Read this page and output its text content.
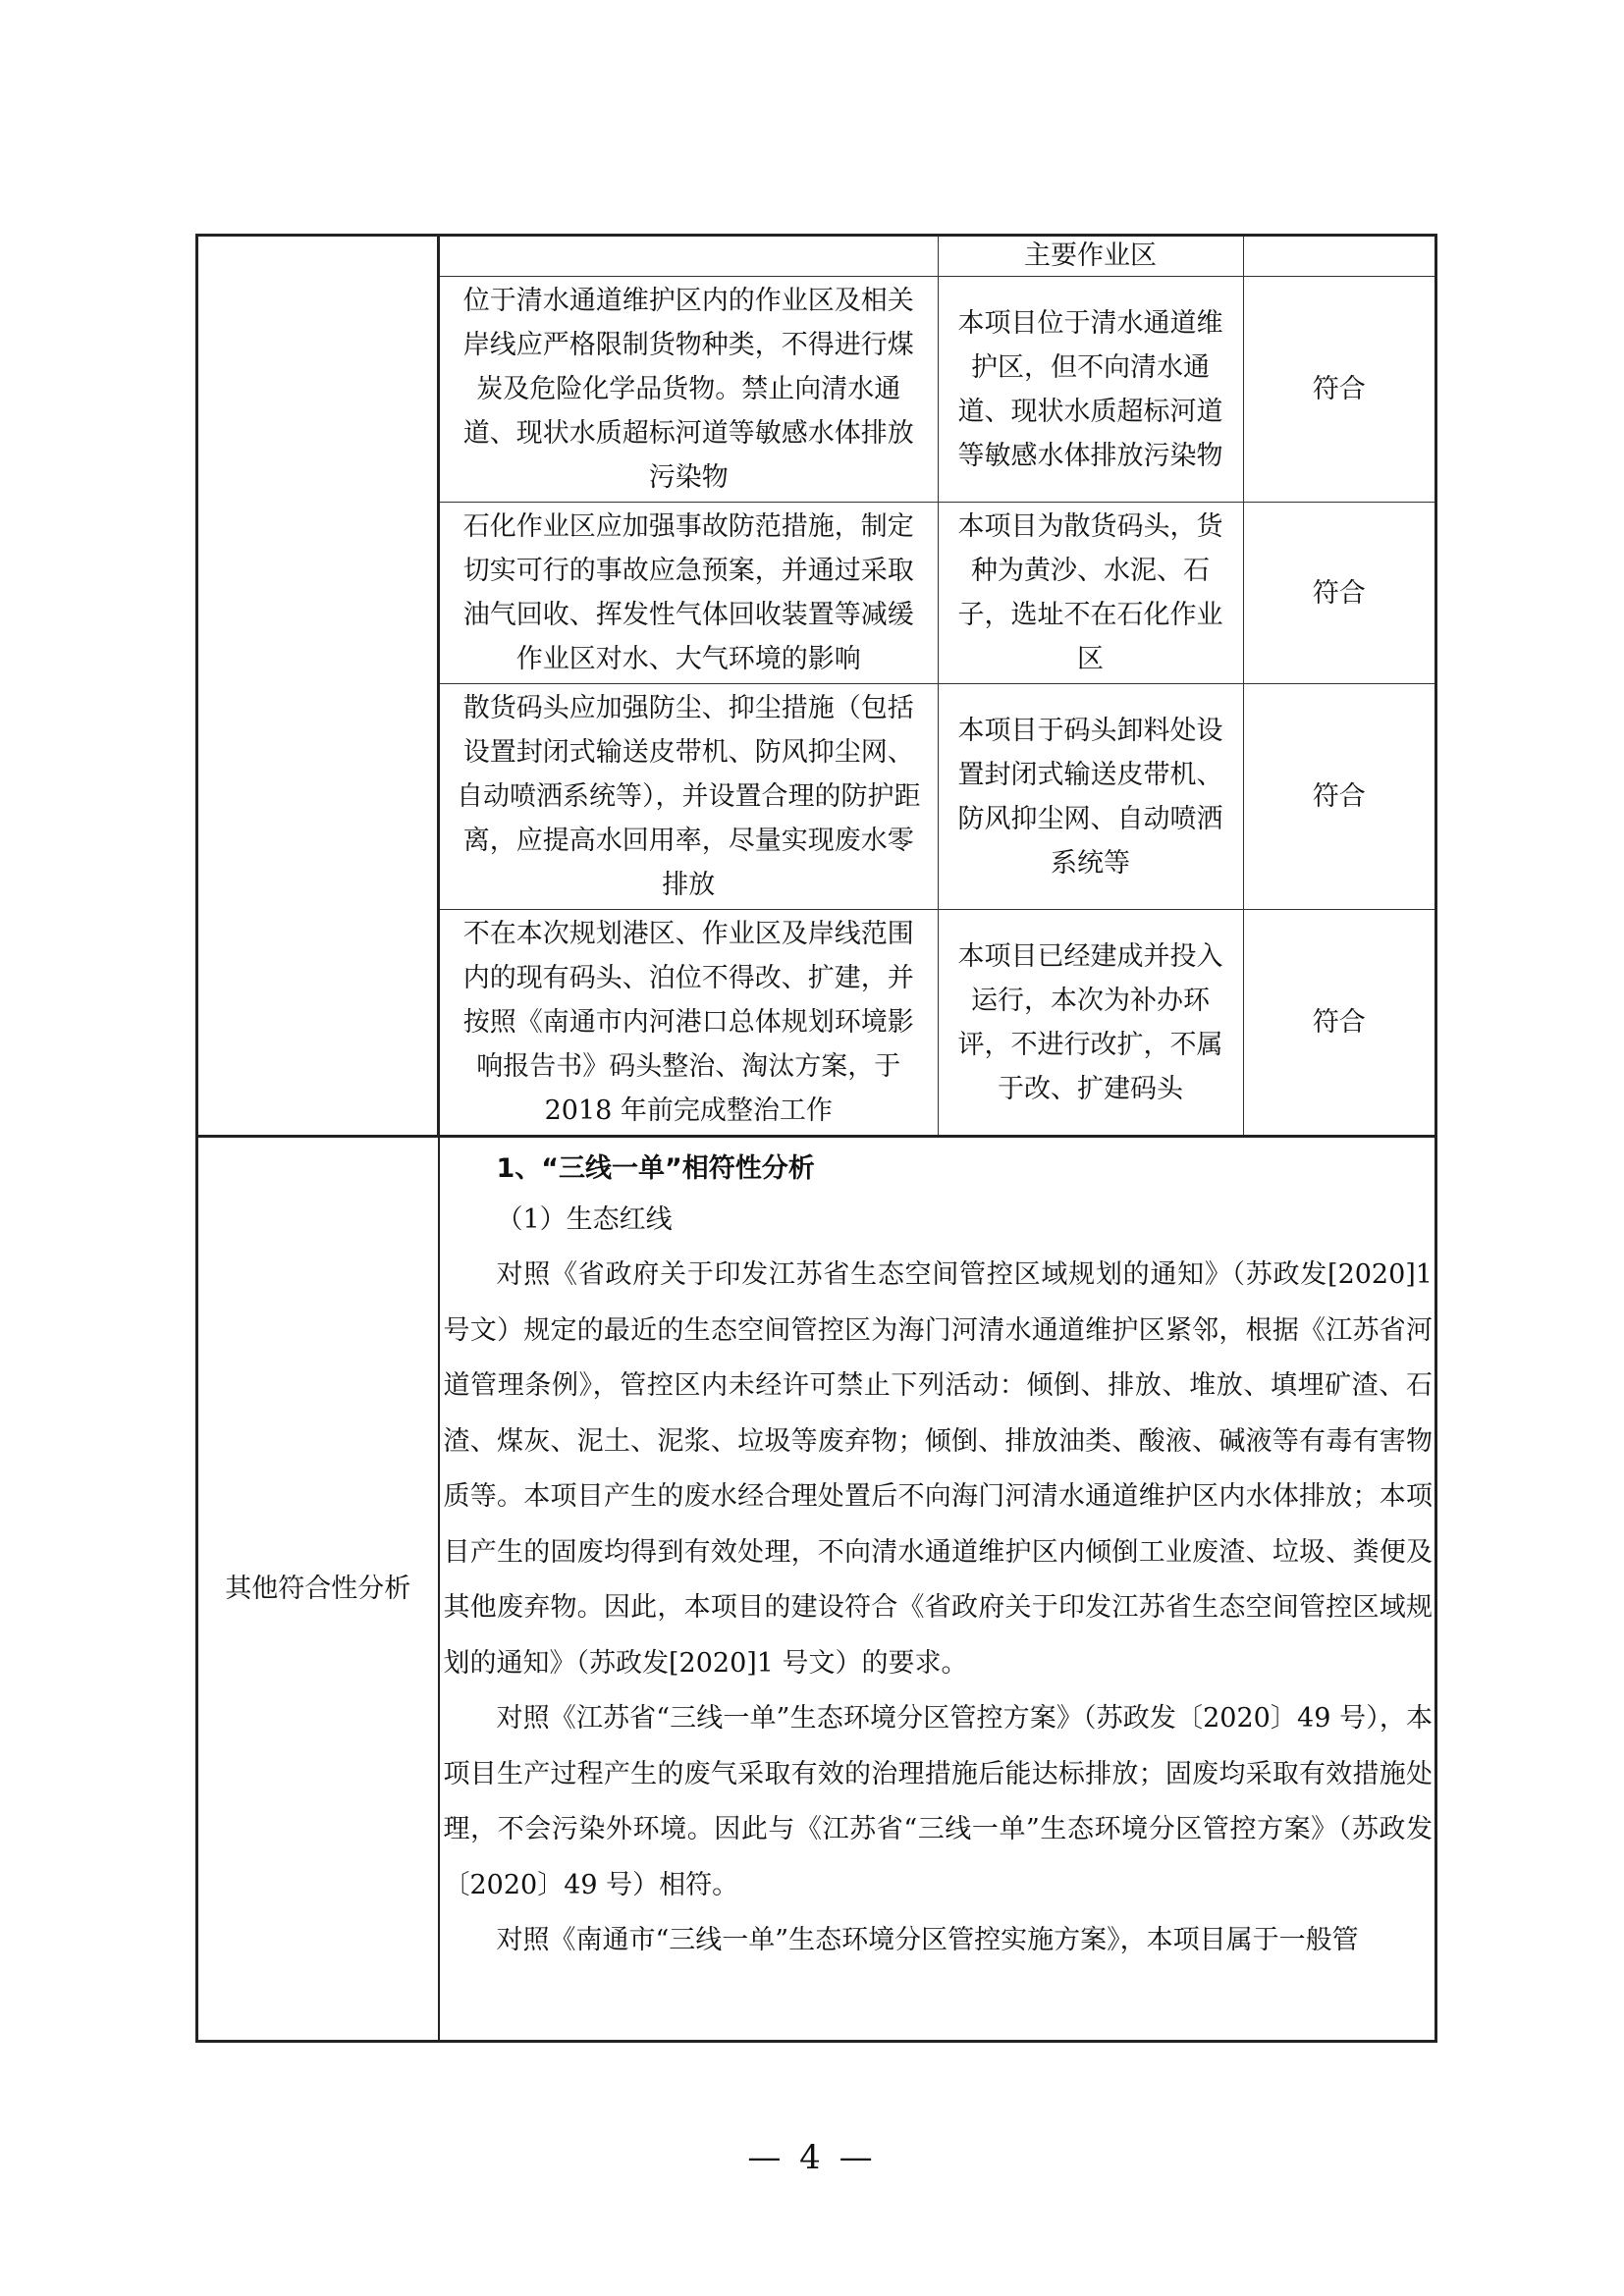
	主要作业区	
位于清水通道维护区内的作业区及相关岸线应严格限制货物种类，不得进行煤炭及危险化学品货物。禁止向清水通道、现状水质超标河道等敏感水体排放污染物	本项目位于清水通道维护区，但不向清水通道、现状水质超标河道等敏感水体排放污染物	符合
石化作业区应加强事故防范措施，制定切实可行的事故应急预案，并通过采取油气回收、挥发性气体回收装置等减缓作业区对水、大气环境的影响	本项目为散货码头，货种为黄沙、水泥、石子，选址不在石化作业区	符合
散货码头应加强防尘、抑尘措施（包括设置封闭式输送皮带机、防风抑尘网、自动喷洒系统等），并设置合理的防护距离，应提高水回用率，尽量实现废水零排放	本项目于码头卸料处设置封闭式输送皮带机、防风抑尘网、自动喷洒系统等	符合
不在本次规划港区、作业区及岸线范围内的现有码头、泊位不得改、扩建，并按照《南通市内河港口总体规划环境影响报告书》码头整治、淘汰方案，于 2018 年前完成整治工作	本项目已经建成并投入运行，本次为补办环评，不进行改扩，不属于改、扩建码头	符合

其他符合性分析

1、“三线一单”相符性分析

（1）生态红线

对照《省政府关于印发江苏省生态空间管控区域规划的通知》（苏政发[2020]1 号文）规定的最近的生态空间管控区为海门河清水通道维护区紧邻，根据《江苏省河道管理条例》，管控区内未经许可禁止下列活动：倾倒、排放、堆放、填埋矿渣、石渣、煤灰、泥土、泥浆、垃圾等废弃物；倾倒、排放油类、酸液、碱液等有毒有害物质等。本项目产生的废水经合理处置后不向海门河清水通道维护区内水体排放；本项目产生的固废均得到有效处理，不向清水通道维护区内倾倒工业废渣、垃圾、粪便及其他废弃物。因此，本项目的建设符合《省政府关于印发江苏省生态空间管控区域规划的通知》（苏政发[2020]1 号文）的要求。

对照《江苏省“三线一单”生态环境分区管控方案》（苏政发〔2020〕49 号），本项目生产过程产生的废气采取有效的治理措施后能达标排放；固废均采取有效措施处理，不会污染外环境。因此与《江苏省“三线一单”生态环境分区管控方案》（苏政发〔2020〕49 号）相符。

对照《南通市“三线一单”生态环境分区管控实施方案》，本项目属于一般管

— 4 —
